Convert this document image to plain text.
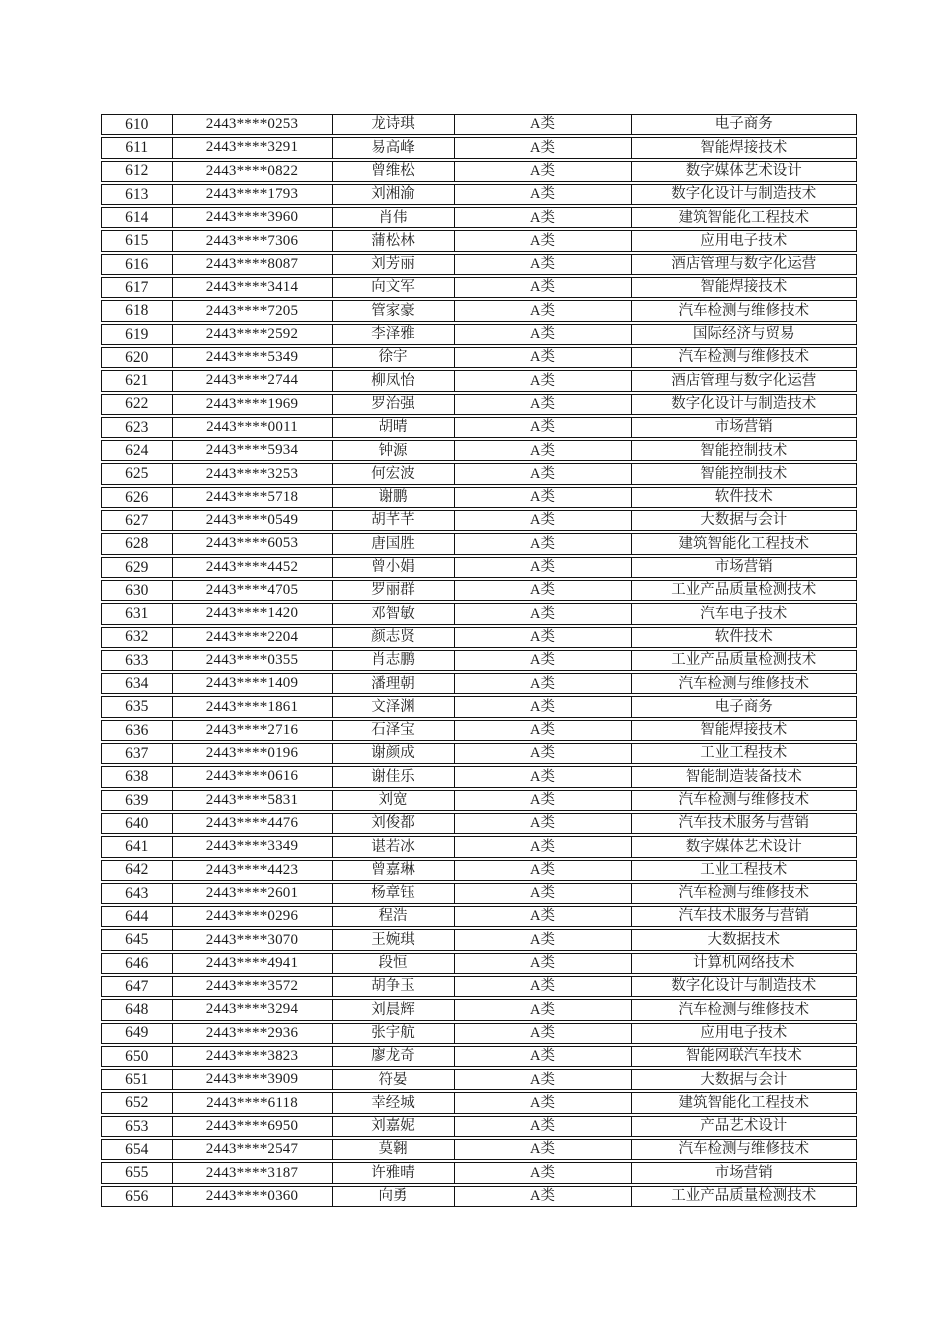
610	2443****0253	龙诗琪	A类	电子商务
611	2443****3291	易高峰	A类	智能焊接技术
612	2443****0822	曾维松	A类	数字媒体艺术设计
613	2443****1793	刘湘渝	A类	数字化设计与制造技术
614	2443****3960	肖伟	A类	建筑智能化工程技术
615	2443****7306	蒲松林	A类	应用电子技术
616	2443****8087	刘芳丽	A类	酒店管理与数字化运营
617	2443****3414	向文军	A类	智能焊接技术
618	2443****7205	管家豪	A类	汽车检测与维修技术
619	2443****2592	李泽雅	A类	国际经济与贸易
620	2443****5349	徐宇	A类	汽车检测与维修技术
621	2443****2744	柳凤怡	A类	酒店管理与数字化运营
622	2443****1969	罗治强	A类	数字化设计与制造技术
623	2443****0011	胡晴	A类	市场营销
624	2443****5934	钟源	A类	智能控制技术
625	2443****3253	何宏波	A类	智能控制技术
626	2443****5718	谢鹏	A类	软件技术
627	2443****0549	胡芊芊	A类	大数据与会计
628	2443****6053	唐国胜	A类	建筑智能化工程技术
629	2443****4452	曾小娟	A类	市场营销
630	2443****4705	罗丽群	A类	工业产品质量检测技术
631	2443****1420	邓智敏	A类	汽车电子技术
632	2443****2204	颜志贤	A类	软件技术
633	2443****0355	肖志鹏	A类	工业产品质量检测技术
634	2443****1409	潘理朝	A类	汽车检测与维修技术
635	2443****1861	文泽渊	A类	电子商务
636	2443****2716	石泽宝	A类	智能焊接技术
637	2443****0196	谢颜成	A类	工业工程技术
638	2443****0616	谢佳乐	A类	智能制造装备技术
639	2443****5831	刘宽	A类	汽车检测与维修技术
640	2443****4476	刘俊都	A类	汽车技术服务与营销
641	2443****3349	谌若冰	A类	数字媒体艺术设计
642	2443****4423	曾嘉琳	A类	工业工程技术
643	2443****2601	杨章钰	A类	汽车检测与维修技术
644	2443****0296	程浩	A类	汽车技术服务与营销
645	2443****3070	王婉琪	A类	大数据技术
646	2443****4941	段恒	A类	计算机网络技术
647	2443****3572	胡争玉	A类	数字化设计与制造技术
648	2443****3294	刘晨辉	A类	汽车检测与维修技术
649	2443****2936	张宇航	A类	应用电子技术
650	2443****3823	廖龙奇	A类	智能网联汽车技术
651	2443****3909	符晏	A类	大数据与会计
652	2443****6118	幸经城	A类	建筑智能化工程技术
653	2443****6950	刘嘉妮	A类	产品艺术设计
654	2443****2547	莫翱	A类	汽车检测与维修技术
655	2443****3187	许雅晴	A类	市场营销
656	2443****0360	向勇	A类	工业产品质量检测技术
